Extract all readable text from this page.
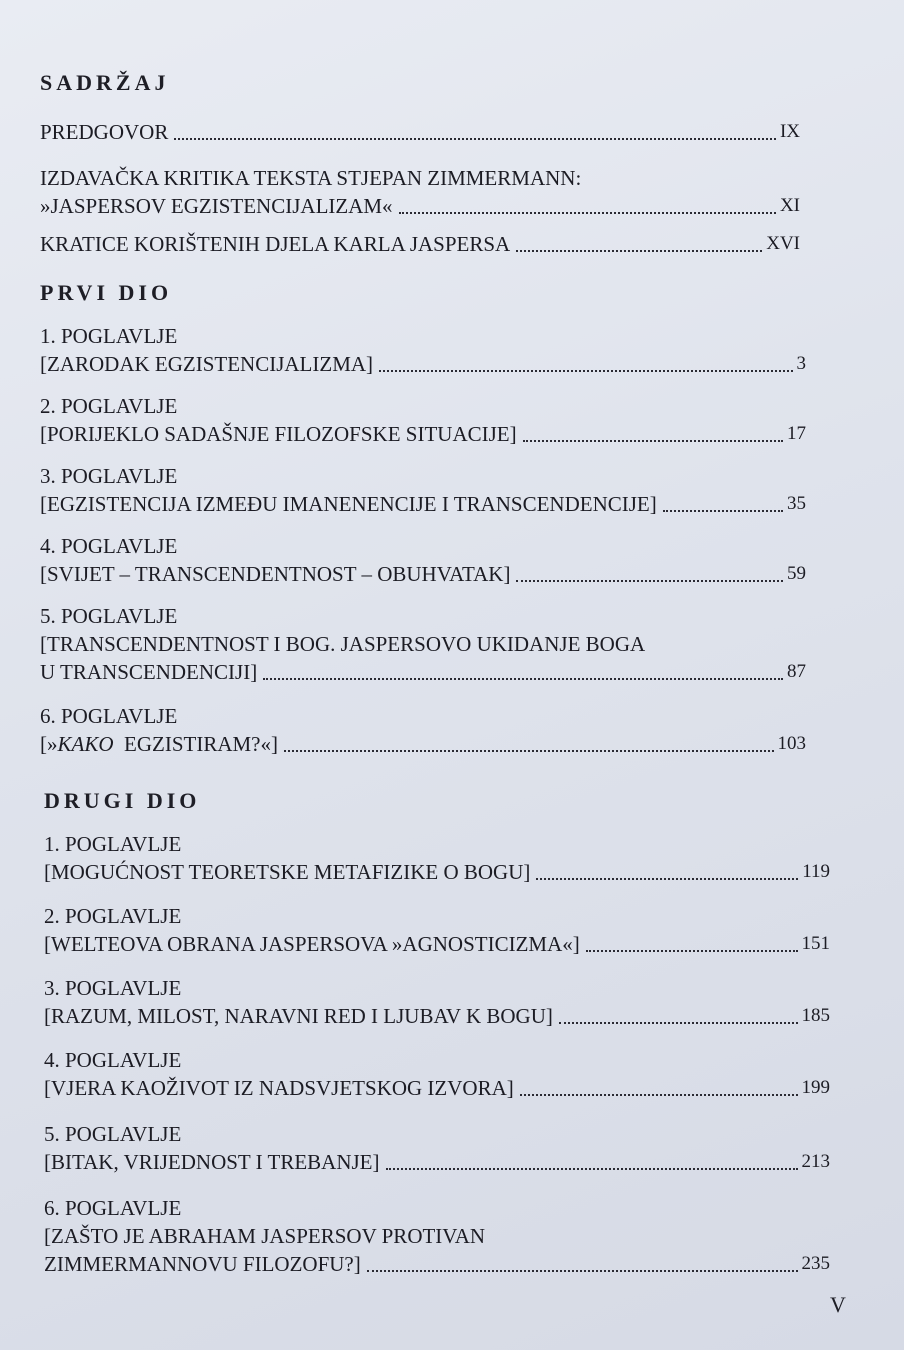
SADRŽAJ
PREDGOVOR	IX
IZDAVAČKA KRITIKA TEKSTA STJEPAN ZIMMERMANN:
»JASPERSOV EGZISTENCIJALIZAM«	XI
KRATICE KORIŠTENIH DJELA KARLA JASPERSA	XVI
PRVI DIO
1. POGLAVLJE
[ZARODAK EGZISTENCIJALIZMA]	3
2. POGLAVLJE
[PORIJEKLO SADAŠNJE FILOZOFSKE SITUACIJE]	17
3. POGLAVLJE
[EGZISTENCIJA IZMEĐU IMANENENCIJE I TRANSCENDENCIJE]	35
4. POGLAVLJE
[SVIJET – TRANSCENDENTNOST – OBUHVATAK]	59
5. POGLAVLJE
[TRANSCENDENTNOST I BOG. JASPERSOVO UKIDANJE BOGA
U TRANSCENDENCIJI]	87
6. POGLAVLJE
[»KAKO  EGZISTIRAM?«]	103
DRUGI DIO
1. POGLAVLJE
[MOGUĆNOST TEORETSKE METAFIZIKE O BOGU]	119
2. POGLAVLJE
[WELTEOVA OBRANA JASPERSOVA »AGNOSTICIZMA«]	151
3. POGLAVLJE
[RAZUM, MILOST, NARAVNI RED I LJUBAV K BOGU]	185
4. POGLAVLJE
[VJERA KAOŽIVOT IZ NADSVJETSKOG IZVORA]	199
5. POGLAVLJE
[BITAK, VRIJEDNOST I TREBANJE]	213
6. POGLAVLJE
[ZAŠTO JE ABRAHAM JASPERSOV PROTIVAN
ZIMMERMANNOVU FILOZOFU?]	235
V
